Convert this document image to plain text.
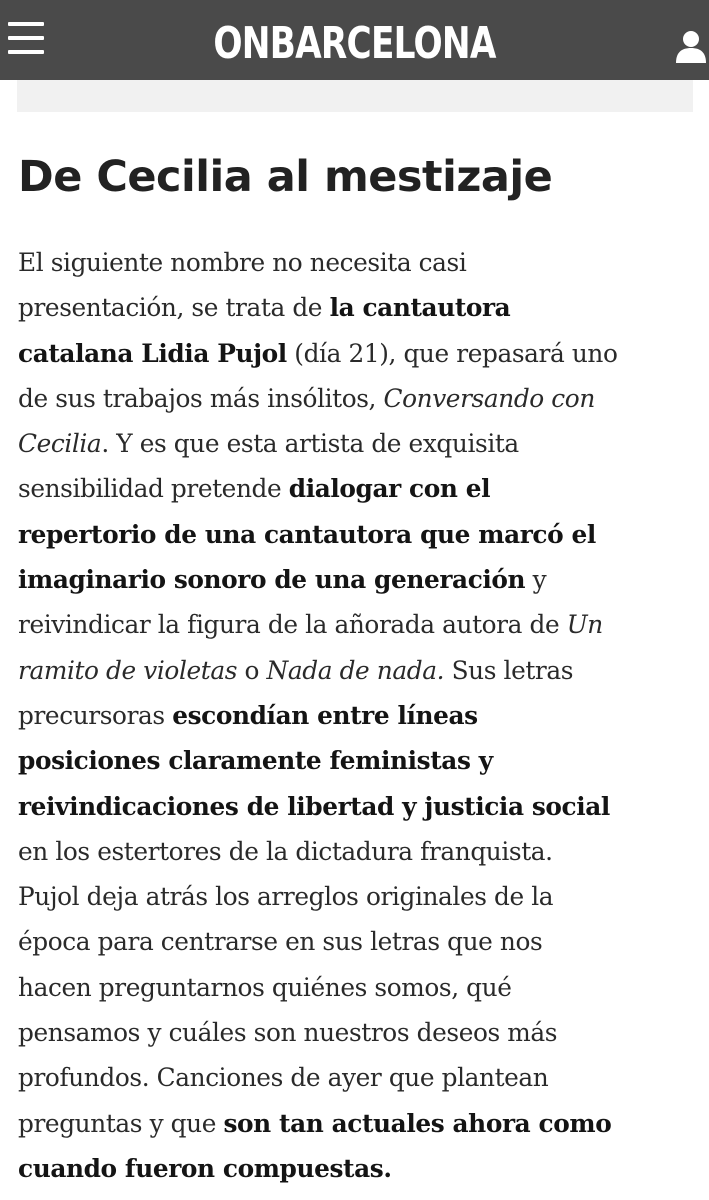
ONBARCELONA
De Cecilia al mestizaje
El siguiente nombre no necesita casi
presentación, se trata de la cantautora
catalana Lidia Pujol (día 21), que repasará uno
de sus trabajos más insólitos, Conversando con
Cecilia. Y es que esta artista de exquisita
sensibilidad pretende dialogar con el
repertorio de una cantautora que marcó el
imaginario sonoro de una generación y
reivindicar la figura de la añorada autora de Un
ramito de violetas o Nada de nada. Sus letras
precursoras escondían entre líneas
posiciones claramente feministas y
reivindicaciones de libertad y justicia social
en los estertores de la dictadura franquista.
Pujol deja atrás los arreglos originales de la
época para centrarse en sus letras que nos
hacen preguntarnos quiénes somos, qué
pensamos y cuáles son nuestros deseos más
profundos. Canciones de ayer que plantean
preguntas y que son tan actuales ahora como
cuando fueron compuestas.
